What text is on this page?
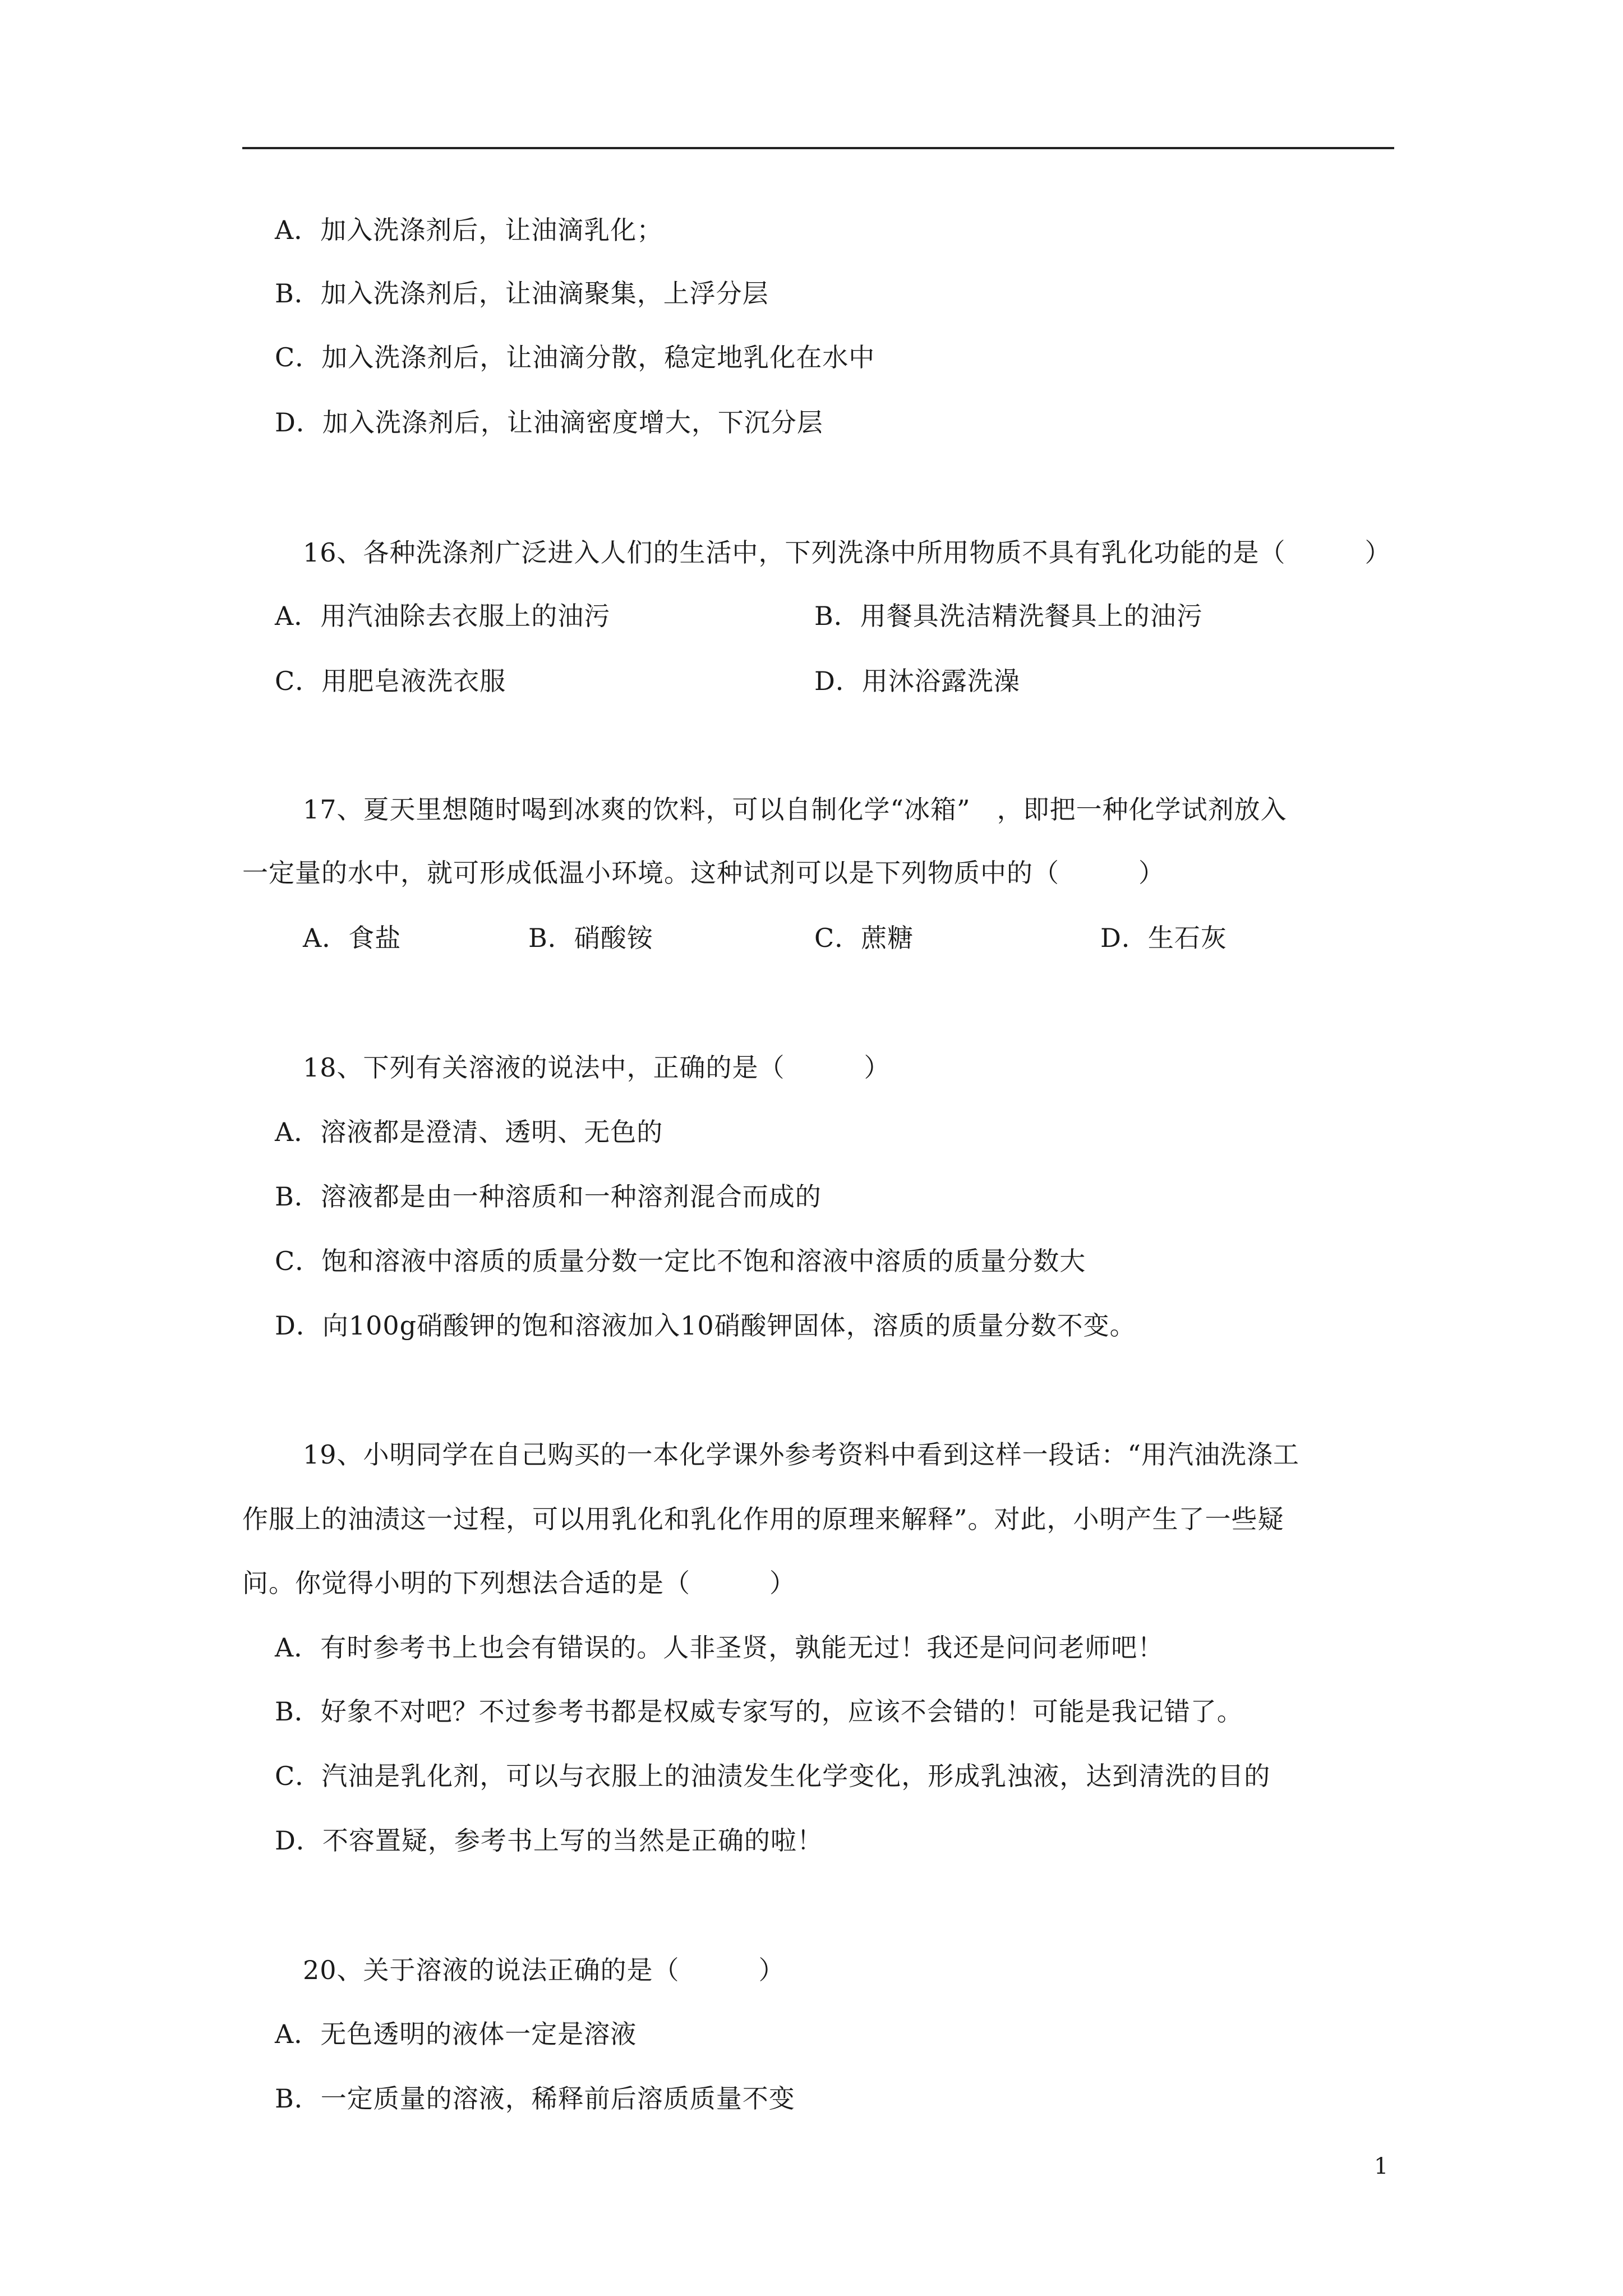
A．加入洗涤剂后，让油滴乳化；
B．加入洗涤剂后，让油滴聚集，上浮分层
C．加入洗涤剂后，让油滴分散，稳定地乳化在水中
D．加入洗涤剂后，让油滴密度增大，下沉分层
16、各种洗涤剂广泛进入人们的生活中，下列洗涤中所用物质不具有乳化功能的是（　　　）
A．用汽油除去衣服上的油污	B．用餐具洗洁精洗餐具上的油污
C．用肥皂液洗衣服	D．用沐浴露洗澡
17、夏天里想随时喝到冰爽的饮料，可以自制化学“冰箱”　，即把一种化学试剂放入
一定量的水中，就可形成低温小环境。这种试剂可以是下列物质中的（　　　）
A．食盐	B．硝酸铵	C．蔗糖	D．生石灰
18、下列有关溶液的说法中，正确的是（　　　）
A．溶液都是澄清、透明、无色的
B．溶液都是由一种溶质和一种溶剂混合而成的
C．饱和溶液中溶质的质量分数一定比不饱和溶液中溶质的质量分数大
D．向100g硝酸钾的饱和溶液加入10硝酸钾固体，溶质的质量分数不变。
19、小明同学在自己购买的一本化学课外参考资料中看到这样一段话：“用汽油洗涤工
作服上的油渍这一过程，可以用乳化和乳化作用的原理来解释”。对此，小明产生了一些疑
问。你觉得小明的下列想法合适的是（　　　）
A．有时参考书上也会有错误的。人非圣贤，孰能无过！我还是问问老师吧！
B．好象不对吧？不过参考书都是权威专家写的，应该不会错的！可能是我记错了。
C．汽油是乳化剂，可以与衣服上的油渍发生化学变化，形成乳浊液，达到清洗的目的
D．不容置疑，参考书上写的当然是正确的啦！
20、关于溶液的说法正确的是（　　　）
A．无色透明的液体一定是溶液
B．一定质量的溶液，稀释前后溶质质量不变
1
